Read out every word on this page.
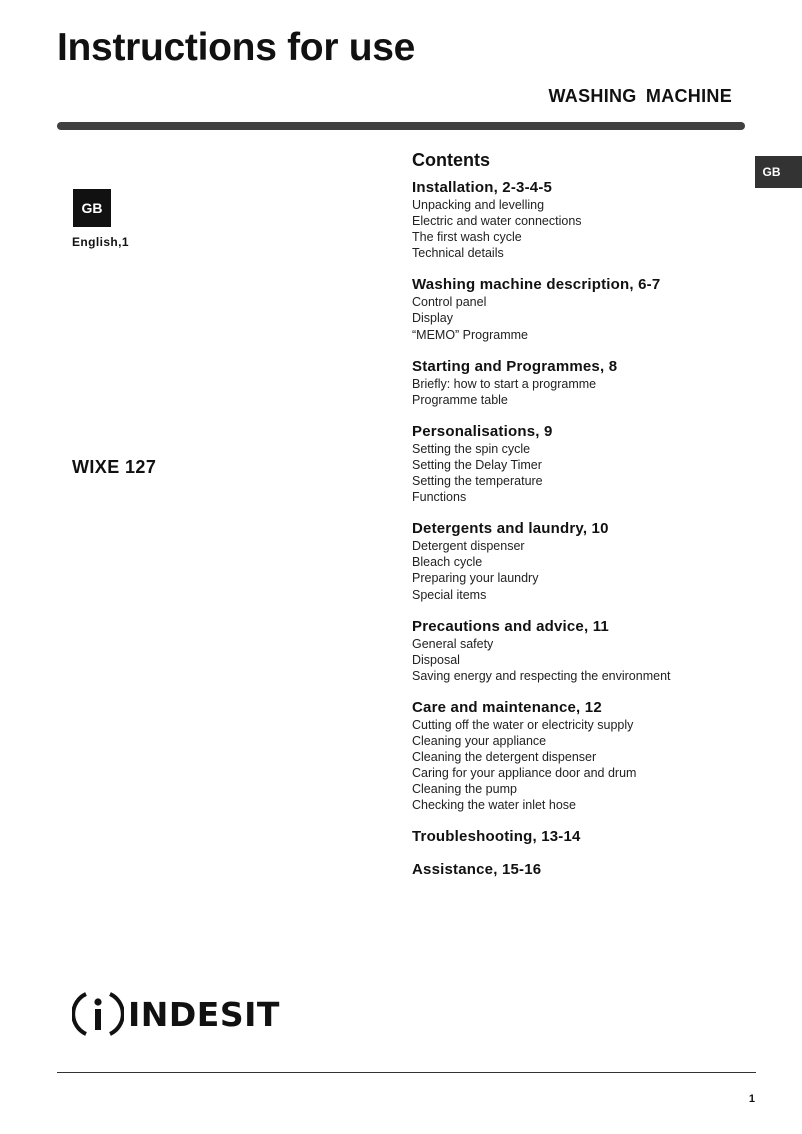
Instructions for use
WASHING MACHINE
GB
GB
English,1
WIXE 127
Contents
Installation, 2-3-4-5
Unpacking and levelling
Electric and water connections
The first wash cycle
Technical details
Washing machine description, 6-7
Control panel
Display
“MEMO” Programme
Starting and Programmes, 8
Briefly: how to start a programme
Programme table
Personalisations, 9
Setting the spin cycle
Setting the Delay Timer
Setting the temperature
Functions
Detergents and laundry, 10
Detergent dispenser
Bleach cycle
Preparing your laundry
Special items
Precautions and advice, 11
General safety
Disposal
Saving energy and respecting the environment
Care and maintenance, 12
Cutting off the water or electricity supply
Cleaning your appliance
Cleaning the detergent dispenser
Caring for your appliance door and drum
Cleaning the pump
Checking the water inlet hose
Troubleshooting, 13-14
Assistance, 15-16
INDESIT
1
